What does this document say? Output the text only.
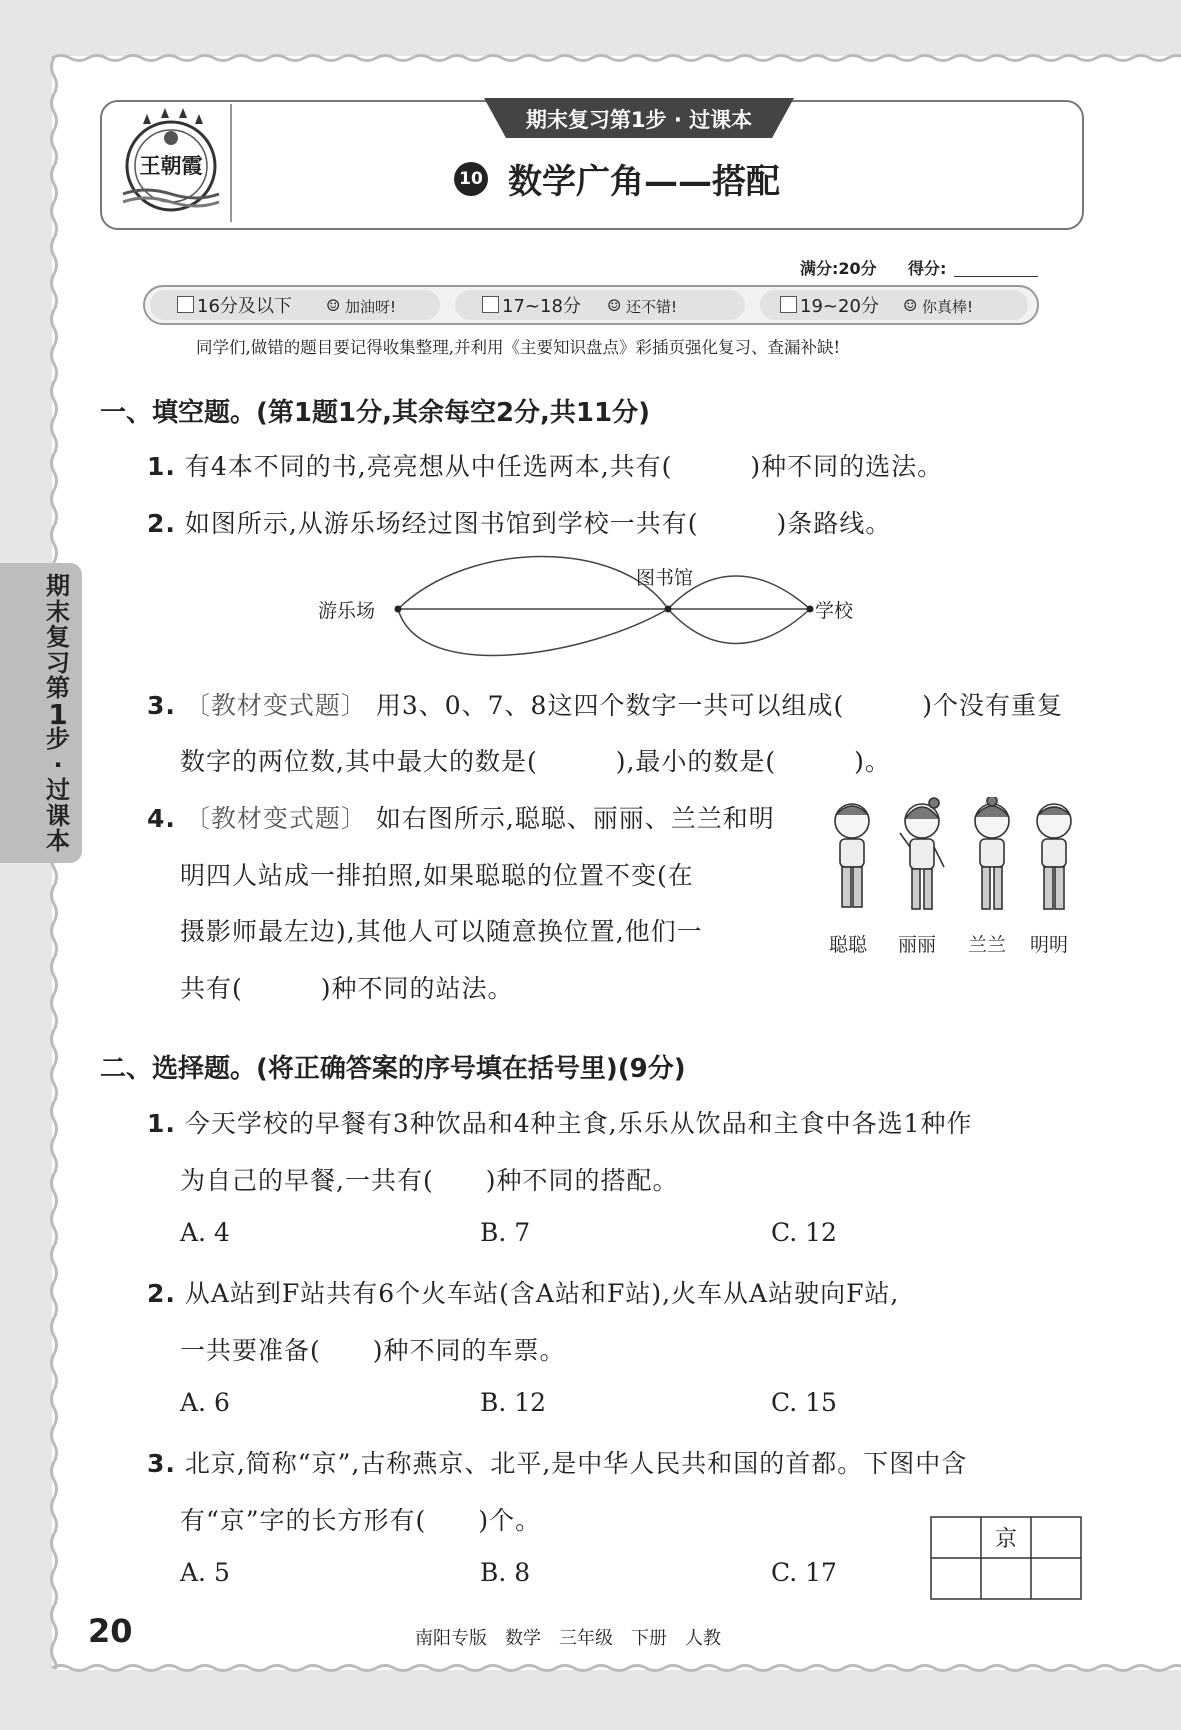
王朝霞
期末复习第1步 · 过课本
10 数学广角——搭配
满分:20分 得分:
16分及以下 ☺ 加油呀!	17~18分 ☺ 还不错!	19~20分 ☺ 你真棒!
同学们,做错的题目要记得收集整理,并利用《主要知识盘点》彩插页强化复习、查漏补缺!
期
末
复
习
第
1
步
·
过
课
本
一、填空题。(第1题1分,其余每空2分,共11分)
1. 有4本不同的书,亮亮想从中任选两本,共有(　　　)种不同的选法。
2. 如图所示,从游乐场经过图书馆到学校一共有(　　　)条路线。
游乐场
图书馆
学校
3. 〔教材变式题〕 用3、0、7、8这四个数字一共可以组成(　　　)个没有重复
数字的两位数,其中最大的数是(　　　),最小的数是(　　　)。
4. 〔教材变式题〕 如右图所示,聪聪、丽丽、兰兰和明
明四人站成一排拍照,如果聪聪的位置不变(在
摄影师最左边),其他人可以随意换位置,他们一
共有(　　　)种不同的站法。
聪聪 丽丽 兰兰 明明
二、选择题。(将正确答案的序号填在括号里)(9分)
1. 今天学校的早餐有3种饮品和4种主食,乐乐从饮品和主食中各选1种作
为自己的早餐,一共有(　　)种不同的搭配。
A. 4	B. 7	C. 12
2. 从A站到F站共有6个火车站(含A站和F站),火车从A站驶向F站,
一共要准备(　　)种不同的车票。
A. 6	B. 12	C. 15
3. 北京,简称“京”,古称燕京、北平,是中华人民共和国的首都。下图中含
有“京”字的长方形有(　　)个。
A. 5	B. 8	C. 17
京
20	南阳专版　数学　三年级　下册　人教
